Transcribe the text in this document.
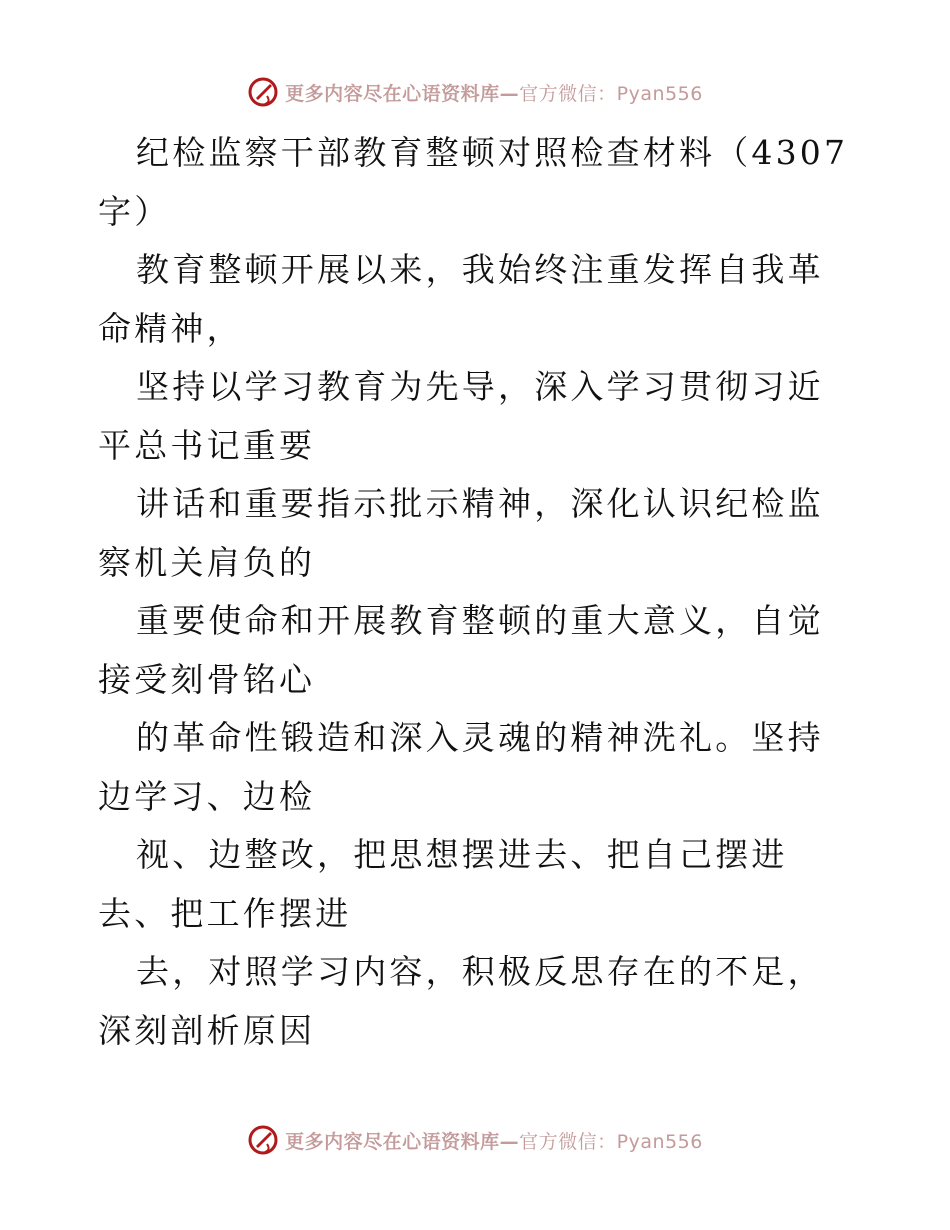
更多内容尽在心语资料库—官方微信：Pyan556

纪检监察干部教育整顿对照检查材料（4307字）

教育整顿开展以来，我始终注重发挥自我革命精神，

坚持以学习教育为先导，深入学习贯彻习近平总书记重要

讲话和重要指示批示精神，深化认识纪检监察机关肩负的

重要使命和开展教育整顿的重大意义，自觉接受刻骨铭心

的革命性锻造和深入灵魂的精神洗礼。坚持边学习、边检

视、边整改，把思想摆进去、把自己摆进去、把工作摆进

去，对照学习内容，积极反思存在的不足，深刻剖析原因

更多内容尽在心语资料库—官方微信：Pyan556
